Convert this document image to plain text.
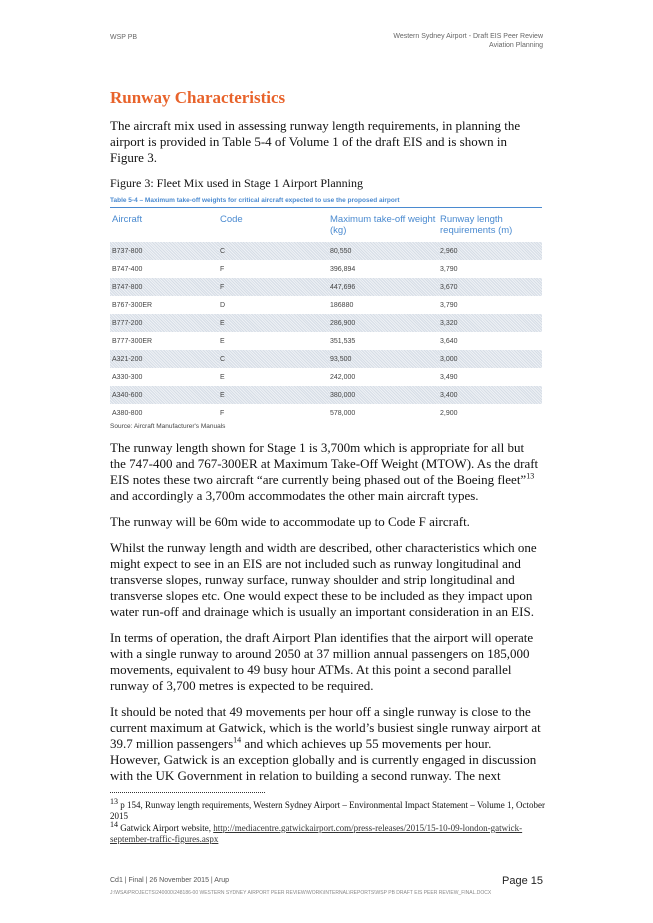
WSP PB	Western Sydney Airport - Draft EIS Peer Review
Aviation Planning
Runway Characteristics

The aircraft mix used in assessing runway length requirements, in planning the airport is provided in Table 5-4 of Volume 1 of the draft EIS and is shown in Figure 3.

Figure 3: Fleet Mix used in Stage 1 Airport Planning
Table 5-4 – Maximum take-off weights for critical aircraft expected to use the proposed airport
Aircraft	Code	Maximum take-off weight (kg)	Runway length requirements (m)
B737-800	C	80,550	2,960
B747-400	F	396,894	3,790
B747-800	F	447,696	3,670
B767-300ER	D	186880	3,790
B777-200	E	286,900	3,320
B777-300ER	E	351,535	3,640
A321-200	C	93,500	3,000
A330-300	E	242,000	3,490
A340-600	E	380,000	3,400
A380-800	F	578,000	2,900
Source: Aircraft Manufacturer's Manuals

The runway length shown for Stage 1 is 3,700m which is appropriate for all but the 747-400 and 767-300ER at Maximum Take-Off Weight (MTOW). As the draft EIS notes these two aircraft “are currently being phased out of the Boeing fleet”$^{13}$ and accordingly a 3,700m accommodates the other main aircraft types.

The runway will be 60m wide to accommodate up to Code F aircraft.

Whilst the runway length and width are described, other characteristics which one might expect to see in an EIS are not included such as runway longitudinal and transverse slopes, runway surface, runway shoulder and strip longitudinal and transverse slopes etc. One would expect these to be included as they impact upon water run-off and drainage which is usually an important consideration in an EIS.

In terms of operation, the draft Airport Plan identifies that the airport will operate with a single runway to around 2050 at 37 million annual passengers on 185,000 movements, equivalent to 49 busy hour ATMs. At this point a second parallel runway of 3,700 metres is expected to be required.

It should be noted that 49 movements per hour off a single runway is close to the current maximum at Gatwick, which is the world’s busiest single runway airport at 39.7 million passengers$^{14}$ and which achieves up 55 movements per hour. However, Gatwick is an exception globally and is currently engaged in discussion with the UK Government in relation to building a second runway. The next

$^{13}$ p 154, Runway length requirements, Western Sydney Airport – Environmental Impact Statement – Volume 1, October 2015
$^{14}$ Gatwick Airport website, http://mediacentre.gatwickairport.com/press-releases/2015/15-10-09-london-gatwick-september-traffic-figures.aspx
Cd1 | Final | 26 November 2015 | Arup	Page 15
J:\WSA\PROJECTS\240000\248186-00 WESTERN SYDNEY AIRPORT PEER REVIEW\WORK\INTERNAL\REPORTS\WSP PB DRAFT EIS PEER REVIEW_FINAL.DOCX
